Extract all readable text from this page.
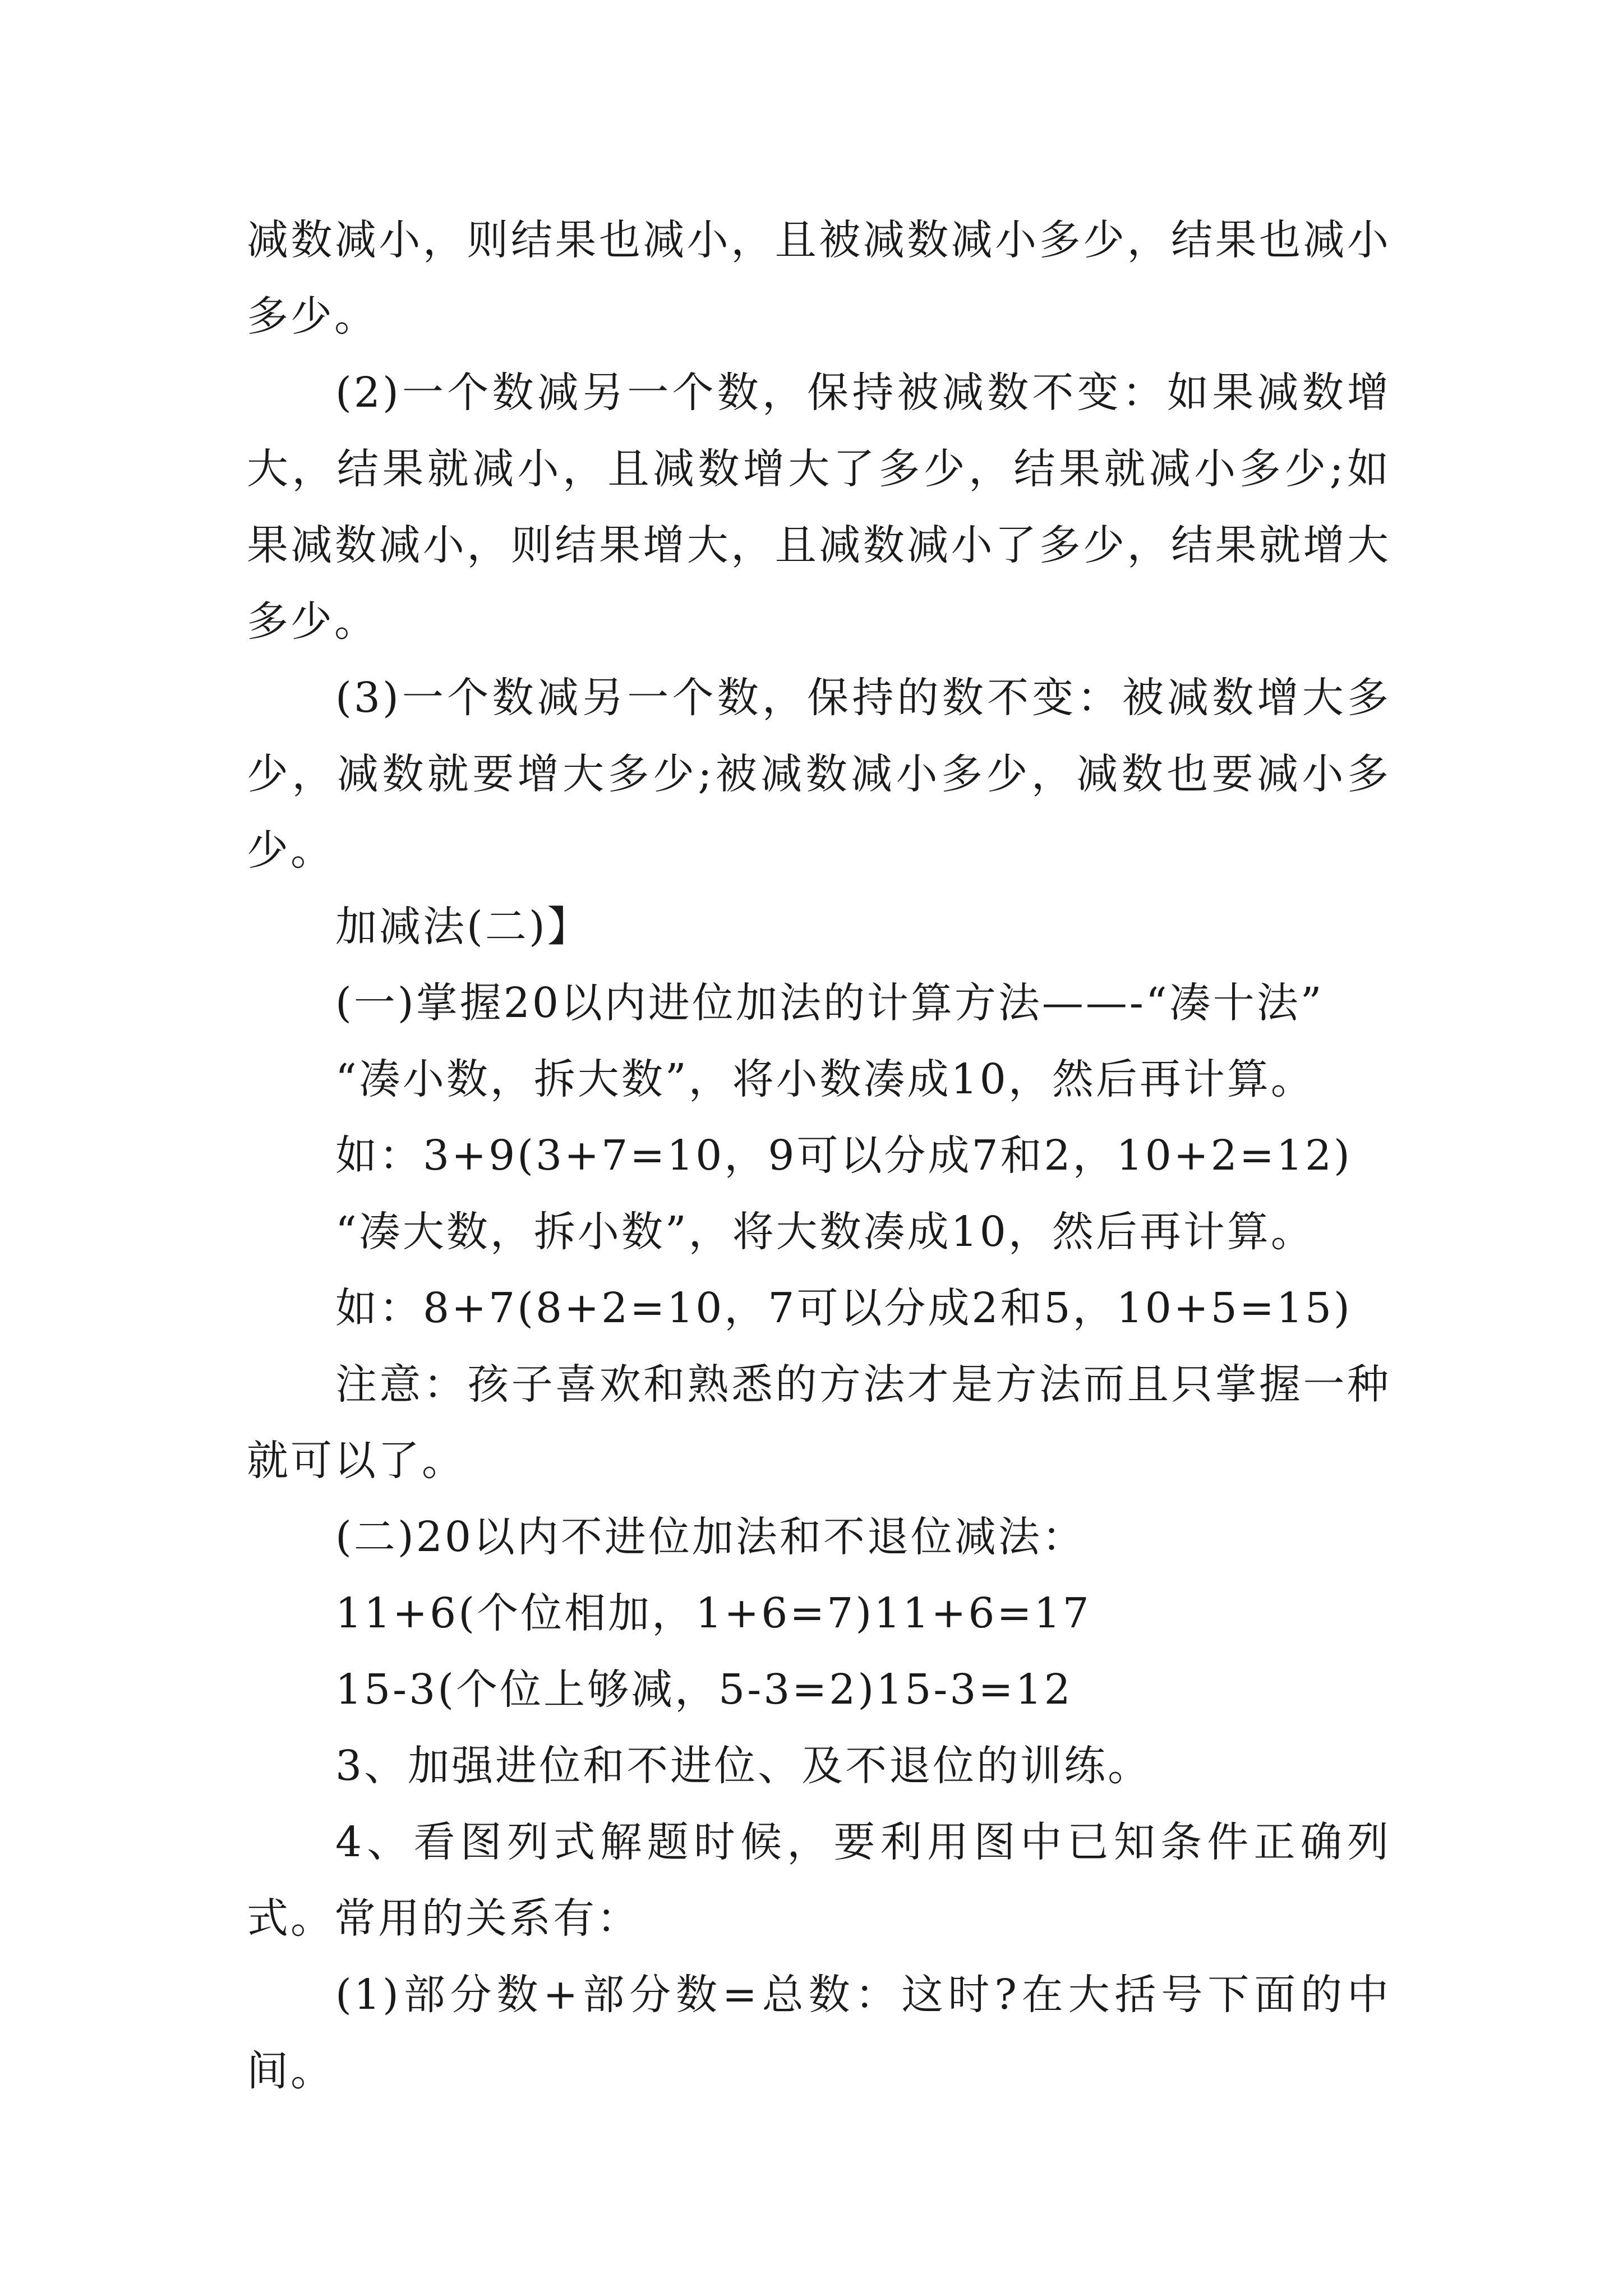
减数减小，则结果也减小，且被减数减小多少，结果也减小多少。

(2)一个数减另一个数，保持被减数不变：如果减数增大，结果就减小，且减数增大了多少，结果就减小多少;如果减数减小，则结果增大，且减数减小了多少，结果就增大多少。

(3)一个数减另一个数，保持的数不变：被减数增大多少，减数就要增大多少;被减数减小多少，减数也要减小多少。

加减法(二)】

(一)掌握20以内进位加法的计算方法——-“凑十法”

“凑小数，拆大数”，将小数凑成10，然后再计算。

如：3+9(3+7=10，9可以分成7和2，10+2=12)

“凑大数，拆小数”，将大数凑成10，然后再计算。

如：8+7(8+2=10，7可以分成2和5，10+5=15)

注意：孩子喜欢和熟悉的方法才是方法而且只掌握一种就可以了。

(二)20以内不进位加法和不退位减法：

11+6(个位相加，1+6=7)11+6=17

15-3(个位上够减，5-3=2)15-3=12

3、加强进位和不进位、及不退位的训练。

4、看图列式解题时候，要利用图中已知条件正确列式。常用的关系有：

(1)部分数+部分数=总数：这时?在大括号下面的中间。
